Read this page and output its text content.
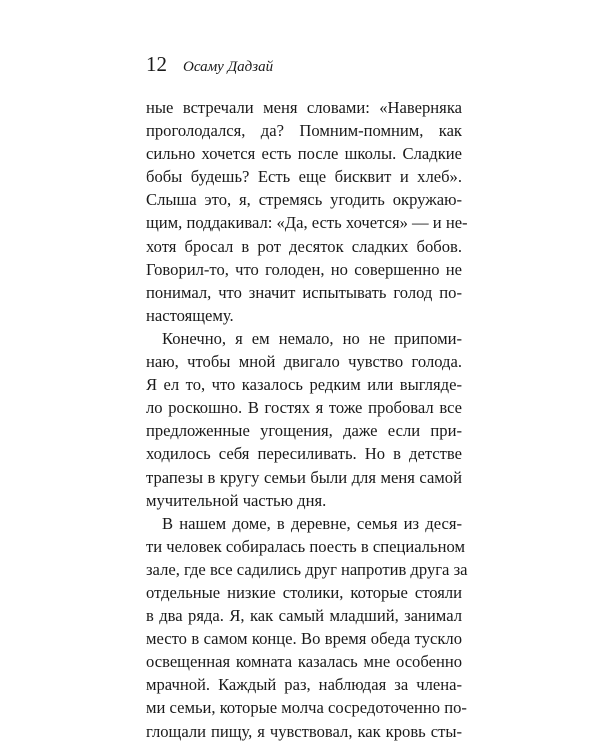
12 Осаму Дадзай
ные встречали меня словами: «Наверняка
проголодался, да? Помним-помним, как
сильно хочется есть после школы. Сладкие
бобы будешь? Есть еще бисквит и хлеб».
Слыша это, я, стремясь угодить окружаю-
щим, поддакивал: «Да, есть хочется» — и не-
хотя бросал в рот десяток сладких бобов.
Говорил-то, что голоден, но совершенно не
понимал, что значит испытывать голод по-
настоящему.
Конечно, я ем немало, но не припоми-
наю, чтобы мной двигало чувство голода.
Я ел то, что казалось редким или выгляде-
ло роскошно. В гостях я тоже пробовал все
предложенные угощения, даже если при-
ходилось себя пересиливать. Но в детстве
трапезы в кругу семьи были для меня самой
мучительной частью дня.
В нашем доме, в деревне, семья из деся-
ти человек собиралась поесть в специальном
зале, где все садились друг напротив друга за
отдельные низкие столики, которые стояли
в два ряда. Я, как самый младший, занимал
место в самом конце. Во время обеда тускло
освещенная комната казалась мне особенно
мрачной. Каждый раз, наблюдая за члена-
ми семьи, которые молча сосредоточенно по-
глощали пищу, я чувствовал, как кровь сты-
